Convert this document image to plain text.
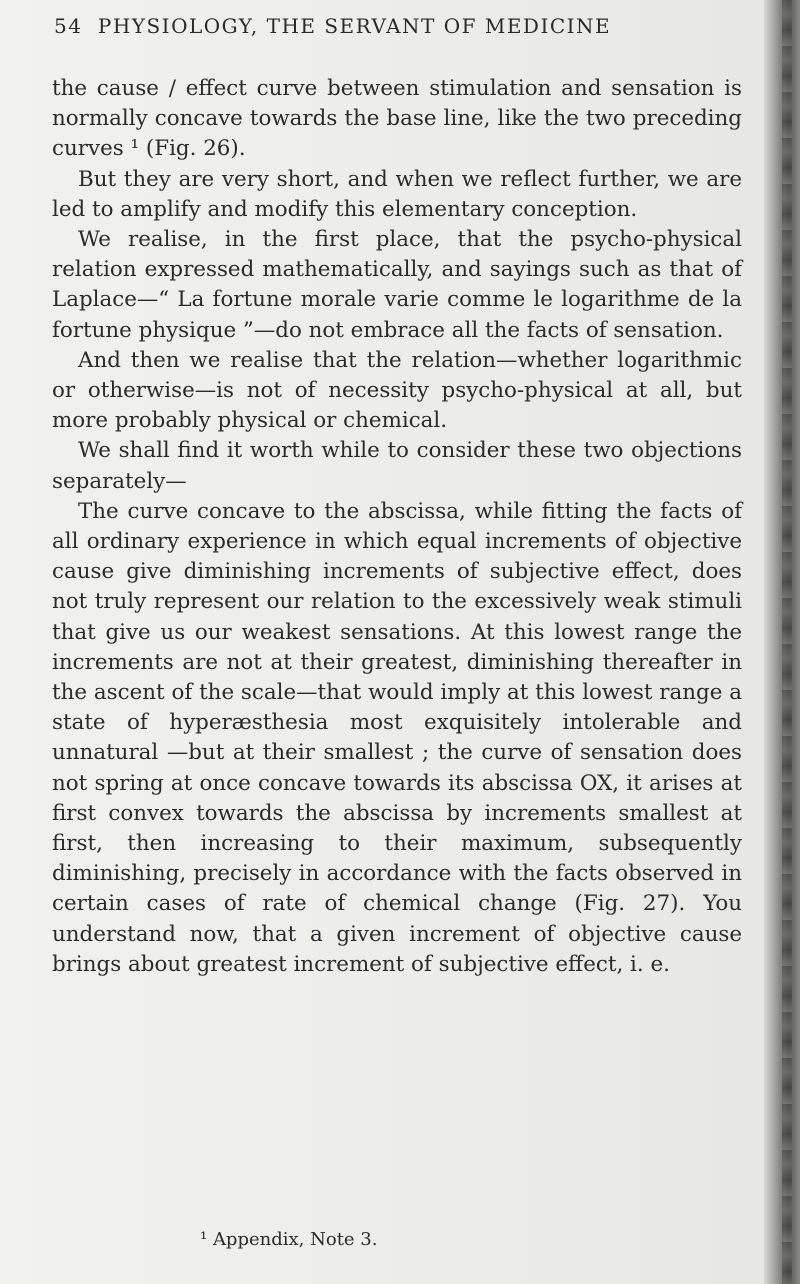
54 PHYSIOLOGY, THE SERVANT OF MEDICINE

the cause / effect curve between stimulation and sensation is normally concave towards the base line, like the two preceding curves ¹ (Fig. 26).

But they are very short, and when we reflect further, we are led to amplify and modify this elementary conception.

We realise, in the first place, that the psycho-physical relation expressed mathematically, and sayings such as that of Laplace—“ La fortune morale varie comme le logarithme de la fortune physique ”—do not embrace all the facts of sensation.

And then we realise that the relation—whether logarithmic or otherwise—is not of necessity psycho-physical at all, but more probably physical or chemical.

We shall find it worth while to consider these two objections separately—

The curve concave to the abscissa, while fitting the facts of all ordinary experience in which equal increments of objective cause give diminishing increments of subjective effect, does not truly represent our relation to the excessively weak stimuli that give us our weakest sensations. At this lowest range the increments are not at their greatest, diminishing thereafter in the ascent of the scale—that would imply at this lowest range a state of hyperæsthesia most exquisitely intolerable and unnatural —but at their smallest ; the curve of sensation does not spring at once concave towards its abscissa OX, it arises at first convex towards the abscissa by increments smallest at first, then increasing to their maximum, subsequently diminishing, precisely in accordance with the facts observed in certain cases of rate of chemical change (Fig. 27). You understand now, that a given increment of objective cause brings about greatest increment of subjective effect, i. e.

¹ Appendix, Note 3.
